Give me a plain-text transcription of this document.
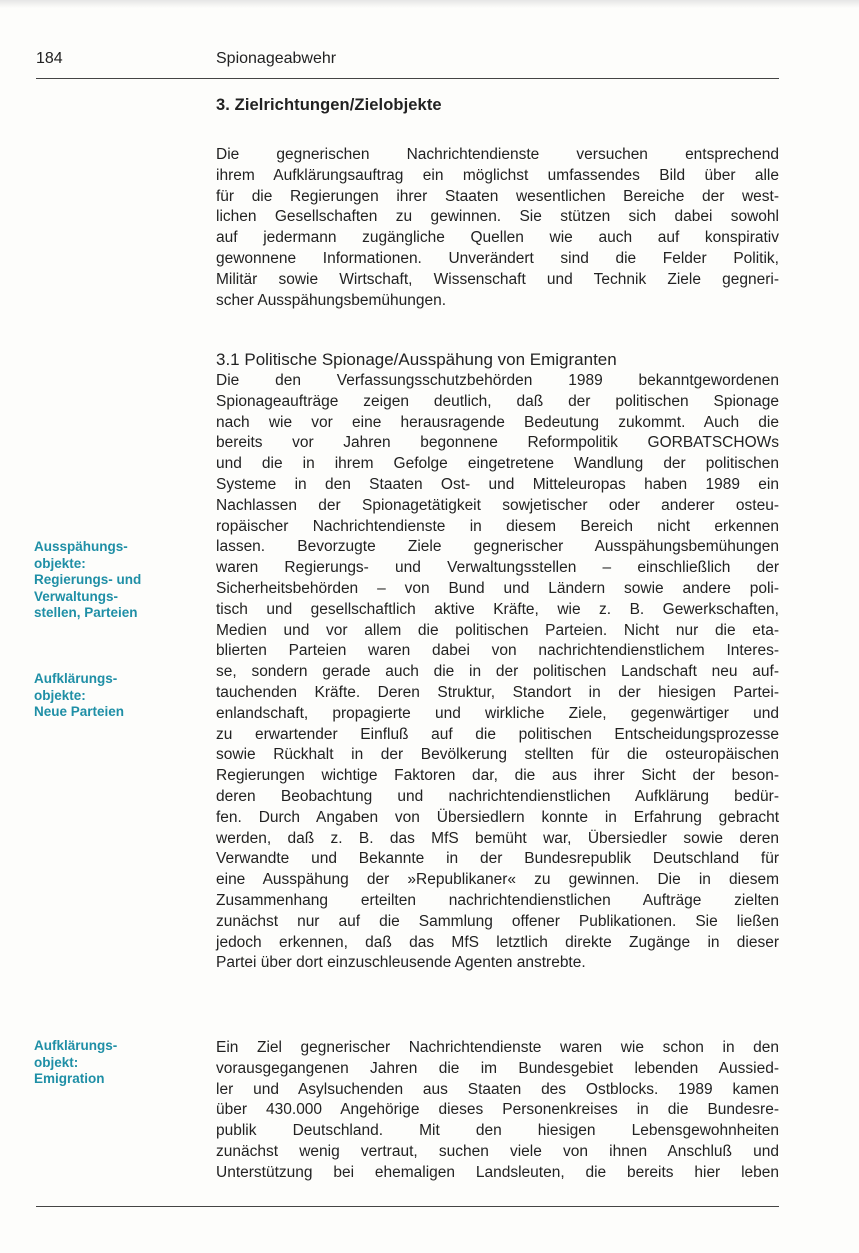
184	Spionageabwehr
3. Zielrichtungen/Zielobjekte
Die gegnerischen Nachrichtendienste versuchen entsprechend
ihrem Aufklärungsauftrag ein möglichst umfassendes Bild über alle
für die Regierungen ihrer Staaten wesentlichen Bereiche der west-
lichen Gesellschaften zu gewinnen. Sie stützen sich dabei sowohl
auf jedermann zugängliche Quellen wie auch auf konspirativ
gewonnene Informationen. Unverändert sind die Felder Politik,
Militär sowie Wirtschaft, Wissenschaft und Technik Ziele gegneri-
scher Ausspähungsbemühungen.
3.1 Politische Spionage/Ausspähung von Emigranten
Die den Verfassungsschutzbehörden 1989 bekanntgewordenen
Spionageaufträge zeigen deutlich, daß der politischen Spionage
nach wie vor eine herausragende Bedeutung zukommt. Auch die
bereits vor Jahren begonnene Reformpolitik GORBATSCHOWs
und die in ihrem Gefolge eingetretene Wandlung der politischen
Systeme in den Staaten Ost- und Mitteleuropas haben 1989 ein
Nachlassen der Spionagetätigkeit sowjetischer oder anderer osteu-
ropäischer Nachrichtendienste in diesem Bereich nicht erkennen
lassen. Bevorzugte Ziele gegnerischer Ausspähungsbemühungen
waren Regierungs- und Verwaltungsstellen – einschließlich der
Sicherheitsbehörden – von Bund und Ländern sowie andere poli-
tisch und gesellschaftlich aktive Kräfte, wie z. B. Gewerkschaften,
Medien und vor allem die politischen Parteien. Nicht nur die eta-
blierten Parteien waren dabei von nachrichtendienstlichem Interes-
se, sondern gerade auch die in der politischen Landschaft neu auf-
tauchenden Kräfte. Deren Struktur, Standort in der hiesigen Partei-
enlandschaft, propagierte und wirkliche Ziele, gegenwärtiger und
zu erwartender Einfluß auf die politischen Entscheidungsprozesse
sowie Rückhalt in der Bevölkerung stellten für die osteuropäischen
Regierungen wichtige Faktoren dar, die aus ihrer Sicht der beson-
deren Beobachtung und nachrichtendienstlichen Aufklärung bedür-
fen. Durch Angaben von Übersiedlern konnte in Erfahrung gebracht
werden, daß z. B. das MfS bemüht war, Übersiedler sowie deren
Verwandte und Bekannte in der Bundesrepublik Deutschland für
eine Ausspähung der »Republikaner« zu gewinnen. Die in diesem
Zusammenhang erteilten nachrichtendienstlichen Aufträge zielten
zunächst nur auf die Sammlung offener Publikationen. Sie ließen
jedoch erkennen, daß das MfS letztlich direkte Zugänge in dieser
Partei über dort einzuschleusende Agenten anstrebte.
Ein Ziel gegnerischer Nachrichtendienste waren wie schon in den
vorausgegangenen Jahren die im Bundesgebiet lebenden Aussied-
ler und Asylsuchenden aus Staaten des Ostblocks. 1989 kamen
über 430.000 Angehörige dieses Personenkreises in die Bundesre-
publik Deutschland. Mit den hiesigen Lebensgewohnheiten
zunächst wenig vertraut, suchen viele von ihnen Anschluß und
Unterstützung bei ehemaligen Landsleuten, die bereits hier leben
Ausspähungs-
objekte:
Regierungs- und
Verwaltungs-
stellen, Parteien
Aufklärungs-
objekte:
Neue Parteien
Aufklärungs-
objekt:
Emigration
